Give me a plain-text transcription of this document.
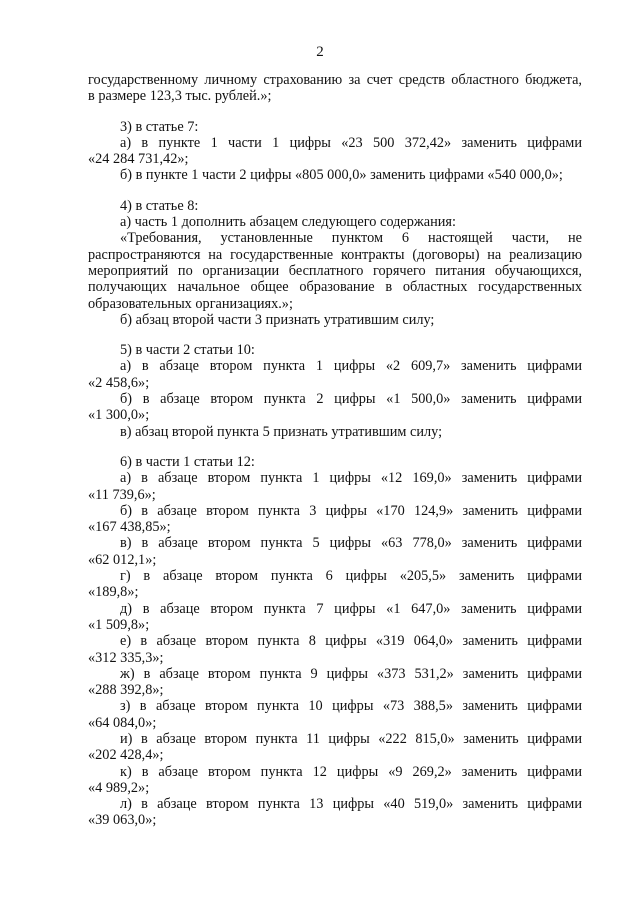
2

государственному личному страхованию за счет средств областного бюджета,

в размере 123,3 тыс. рублей.»;

3) в статье 7:

а) в пункте 1 части 1 цифры «23 500 372,42» заменить цифрами

«24 284 731,42»;

б) в пункте 1 части 2 цифры «805 000,0» заменить цифрами «540 000,0»;

4) в статье 8:

а) часть 1 дополнить абзацем следующего содержания:

«Требования, установленные пунктом 6 настоящей части, не

распространяются на государственные контракты (договоры) на реализацию

мероприятий по организации бесплатного горячего питания обучающихся,

получающих начальное общее образование в областных государственных

образовательных организациях.»;

б) абзац второй части 3 признать утратившим силу;

5) в части 2 статьи 10:

а) в абзаце втором пункта 1 цифры «2 609,7» заменить цифрами

«2 458,6»;

б) в абзаце втором пункта 2 цифры «1 500,0» заменить цифрами

«1 300,0»;

в) абзац второй пункта 5 признать утратившим силу;

6) в части 1 статьи 12:

а) в абзаце втором пункта 1 цифры «12 169,0» заменить цифрами

«11 739,6»;

б) в абзаце втором пункта 3 цифры «170 124,9» заменить цифрами

«167 438,85»;

в) в абзаце втором пункта 5 цифры «63 778,0» заменить цифрами

«62 012,1»;

г) в абзаце втором пункта 6 цифры «205,5» заменить цифрами

«189,8»;

д) в абзаце втором пункта 7 цифры «1 647,0» заменить цифрами

«1 509,8»;

е) в абзаце втором пункта 8 цифры «319 064,0» заменить цифрами

«312 335,3»;

ж) в абзаце втором пункта 9 цифры «373 531,2» заменить цифрами

«288 392,8»;

з) в абзаце втором пункта 10 цифры «73 388,5» заменить цифрами

«64 084,0»;

и) в абзаце втором пункта 11 цифры «222 815,0» заменить цифрами

«202 428,4»;

к) в абзаце втором пункта 12 цифры «9 269,2» заменить цифрами

«4 989,2»;

л) в абзаце втором пункта 13 цифры «40 519,0» заменить цифрами

«39 063,0»;
